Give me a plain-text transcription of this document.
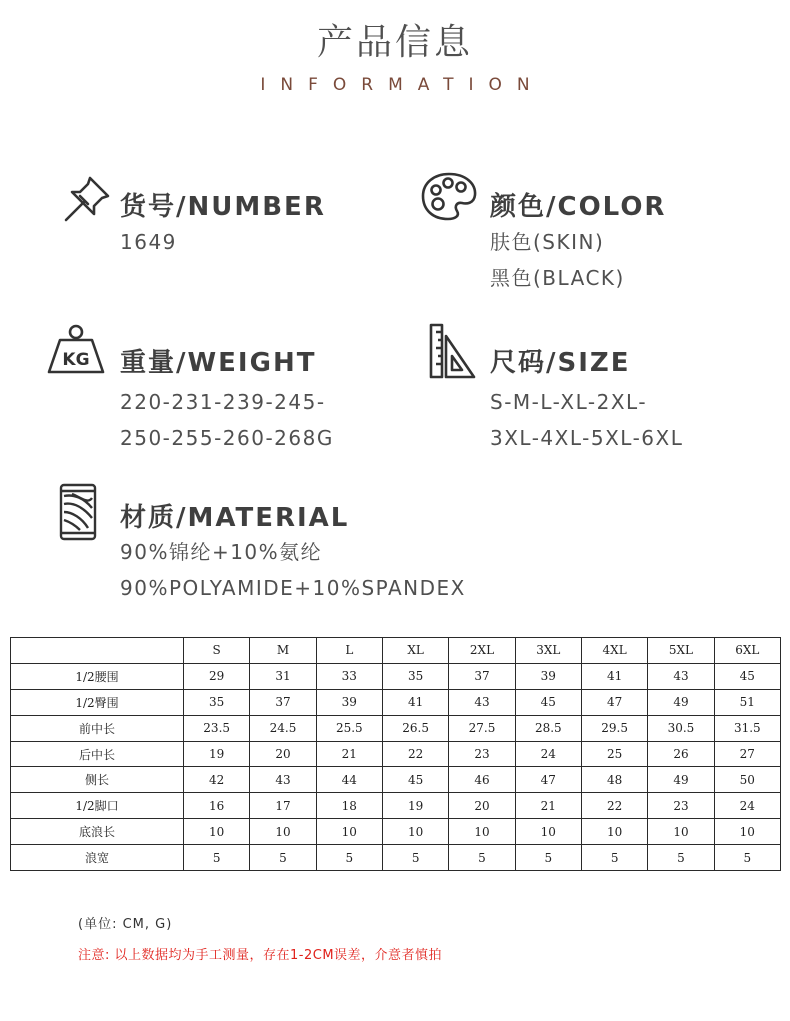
产品信息
INFORMATION
货号/NUMBER
1649
颜色/COLOR
肤色(SKIN)
黑色(BLACK)
KG 重量/WEIGHT
220-231-239-245-
250-255-260-268G
尺码/SIZE
S-M-L-XL-2XL-
3XL-4XL-5XL-6XL
材质/MATERIAL
90%锦纶+10%氨纶
90%POLYAMIDE+10%SPANDEX
	S	M	L	XL	2XL	3XL	4XL	5XL	6XL
1/2腰围	29	31	33	35	37	39	41	43	45
1/2臀围	35	37	39	41	43	45	47	49	51
前中长	23.5	24.5	25.5	26.5	27.5	28.5	29.5	30.5	31.5
后中长	19	20	21	22	23	24	25	26	27
侧长	42	43	44	45	46	47	48	49	50
1/2脚口	16	17	18	19	20	21	22	23	24
底浪长	10	10	10	10	10	10	10	10	10
浪宽	5	5	5	5	5	5	5	5	5
(单位: CM, G)
注意: 以上数据均为手工测量，存在1-2CM误差，介意者慎拍
